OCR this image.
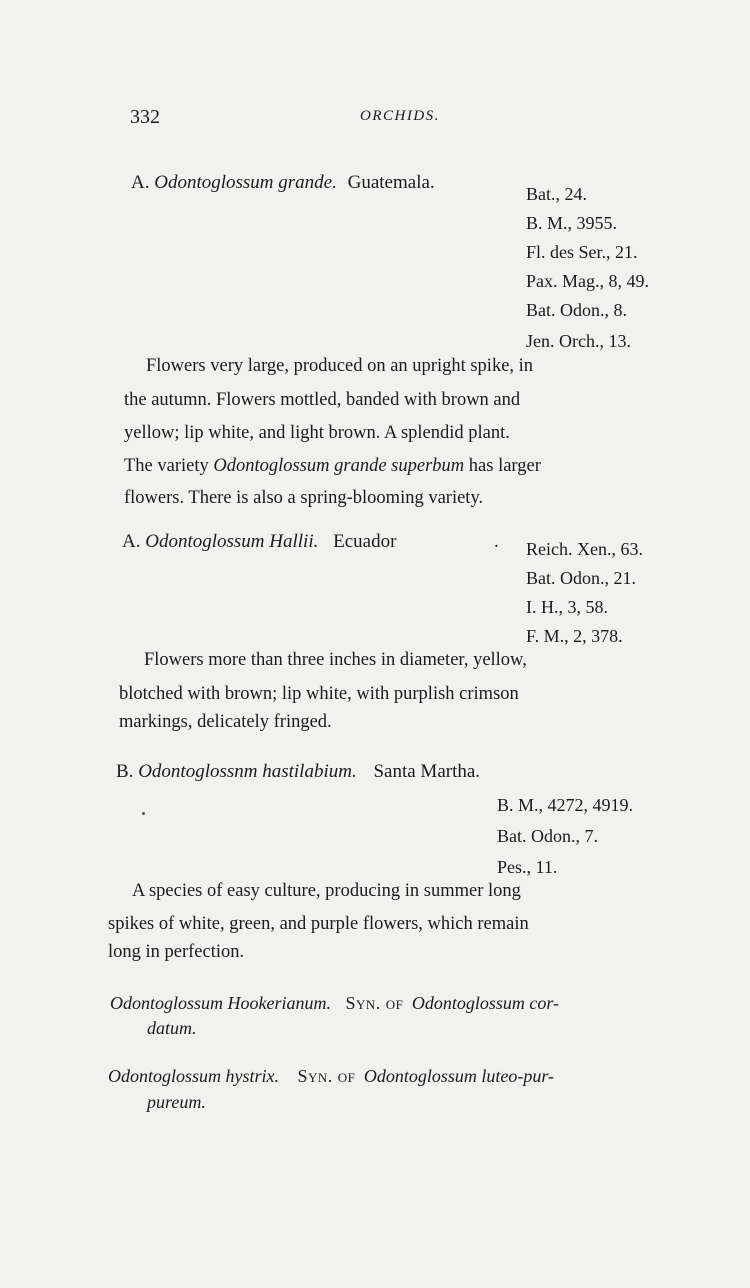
332	ORCHIDS.
A. Odontoglossum grande. Guatemala.
Bat., 24.
B. M., 3955.
Fl. des Ser., 21.
Pax. Mag., 8, 49.
Bat. Odon., 8.
Jen. Orch., 13.
Flowers very large, produced on an upright spike, in
the autumn. Flowers mottled, banded with brown and
yellow; lip white, and light brown. A splendid plant.
The variety Odontoglossum grande superbum has larger
flowers. There is also a spring-blooming variety.
A. Odontoglossum Hallii. Ecuador	. Reich. Xen., 63.
Bat. Odon., 21.
I. H., 3, 58.
F. M., 2, 378.
Flowers more than three inches in diameter, yellow,
blotched with brown; lip white, with purplish crimson
markings, delicately fringed.
B. Odontoglossnm hastilabium. Santa Martha.
B. M., 4272, 4919.
Bat. Odon., 7.
Pes., 11.
A species of easy culture, producing in summer long
spikes of white, green, and purple flowers, which remain
long in perfection.
Odontoglossum Hookerianum. Syn. of Odontoglossum cor-
datum.
Odontoglossum hystrix. Syn. of Odontoglossum luteo-pur-
pureum.
